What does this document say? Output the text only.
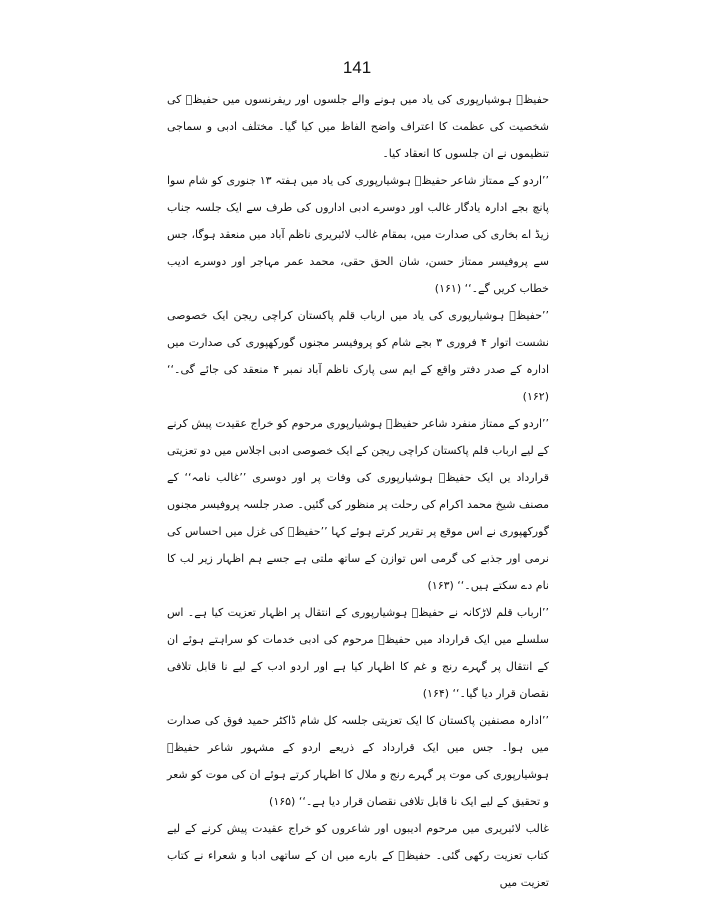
141

حفیظؔ ہوشیارپوری کی یاد میں ہونے والے جلسوں اور ریفرنسوں میں حفیظؔ کی شخصیت کی عظمت کا اعتراف واضح الفاظ میں کیا گیا۔ مختلف ادبی و سماجی تنظیموں نے ان جلسوں کا انعقاد کیا۔

’’اردو کے ممتاز شاعر حفیظؔ ہوشیارپوری کی یاد میں ہفتہ ۱۳ جنوری کو شام سوا پانچ بجے ادارہ یادگار غالب اور دوسرے ادبی اداروں کی طرف سے ایک جلسہ جناب زیڈ اے بخاری کی صدارت میں، بمقام غالب لائبریری ناظم آباد میں منعقد ہوگا، جس سے پروفیسر ممتاز حسن، شان الحق حقی، محمد عمر مہاجر اور دوسرے ادیب خطاب کریں گے۔‘‘ (۱۶۱)

’’حفیظؔ ہوشیارپوری کی یاد میں ارباب قلم پاکستان کراچی ریجن ایک خصوصی نشست اتوار ۴ فروری ۳ بجے شام کو پروفیسر مجنوں گورکھپوری کی صدارت میں ادارہ کے صدر دفتر واقع کے ایم سی پارک ناظم آباد نمبر ۴ منعقد کی جائے گی۔‘‘ (۱۶۲)

’’اردو کے ممتاز منفرد شاعر حفیظؔ ہوشیارپوری مرحوم کو خراج عقیدت پیش کرنے کے لیے ارباب قلم پاکستان کراچی ریجن کے ایک خصوصی ادبی اجلاس میں دو تعزیتی قرارداد یں ایک حفیظؔ ہوشیارپوری کی وفات پر اور دوسری ’’غالب نامہ‘‘ کے مصنف شیخ محمد اکرام کی رحلت پر منظور کی گئیں۔ صدر جلسہ پروفیسر مجنوں گورکھپوری نے اس موقع پر تقریر کرتے ہوئے کہا ’’حفیظؔ کی غزل میں احساس کی نرمی اور جذبے کی گرمی اس توازن کے ساتھ ملتی ہے جسے ہم اظہار زیر لب کا نام دے سکتے ہیں۔‘‘ (۱۶۳)

’’ارباب قلم لاڑکانہ نے حفیظؔ ہوشیارپوری کے انتقال پر اظہار تعزیت کیا ہے۔ اس سلسلے میں ایک قرارداد میں حفیظؔ مرحوم کی ادبی خدمات کو سراہتے ہوئے ان کے انتقال پر گہرے رنج و غم کا اظہار کیا ہے اور اردو ادب کے لیے نا قابل تلافی نقصان قرار دیا گیا۔‘‘ (۱۶۴)

’’ادارہ مصنفین پاکستان کا ایک تعزیتی جلسہ کل شام ڈاکٹر حمید فوق کی صدارت میں ہوا۔ جس میں ایک قرارداد کے ذریعے اردو کے مشہور شاعر حفیظؔ ہوشیارپوری کی موت پر گہرے رنج و ملال کا اظہار کرتے ہوئے ان کی موت کو شعر و تحقیق کے لیے ایک نا قابل تلافی نقصان قرار دیا ہے۔‘‘ (۱۶۵)

غالب لائبریری میں مرحوم ادیبوں اور شاعروں کو خراج عقیدت پیش کرنے کے لیے کتاب تعزیت رکھی گئی۔ حفیظؔ کے بارے میں ان کے ساتھی ادبا و شعراء نے کتاب تعزیت میں
